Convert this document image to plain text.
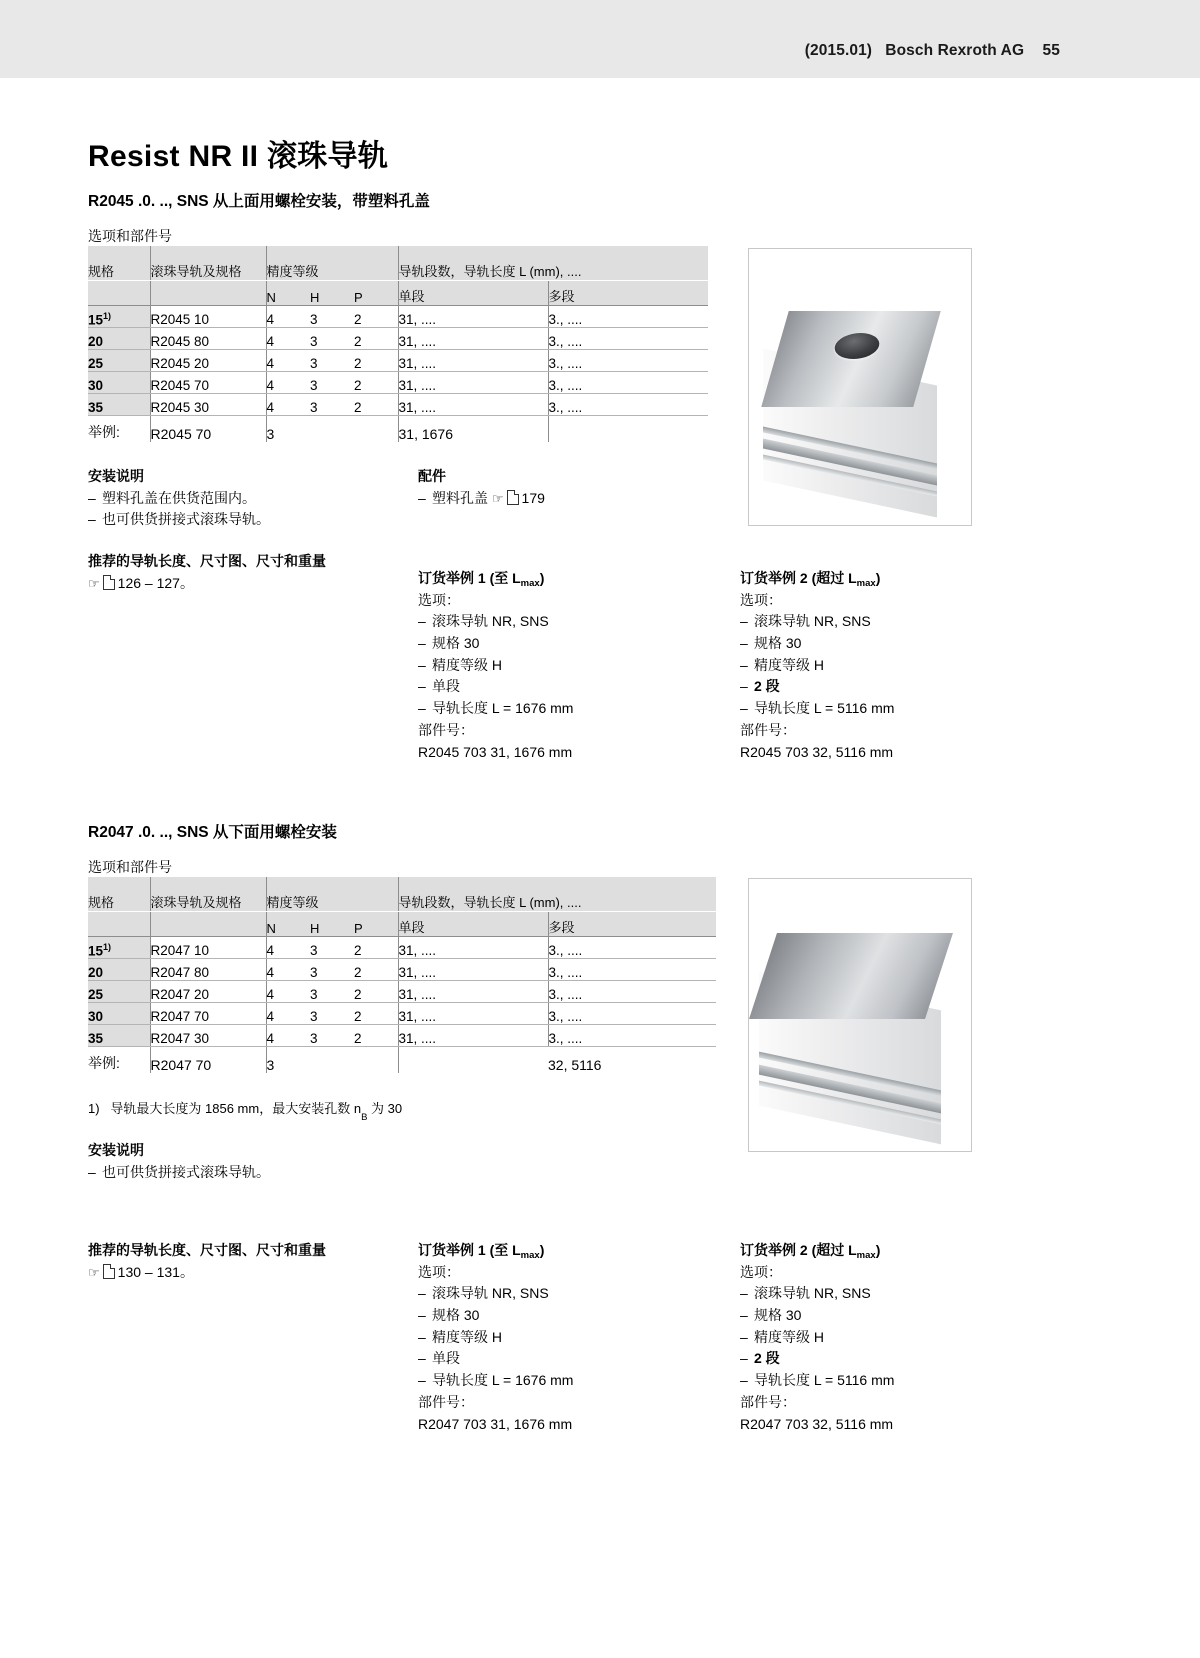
(2015.01) Bosch Rexroth AG 55
Resist NR II 滚珠导轨
R2045 .0. .., SNS 从上面用螺栓安装，带塑料孔盖
选项和部件号
规格	滚珠导轨及规格	精度等级			导轨段数，导轨长度 L (mm), ....	
		N	H	P	单段	多段
15$^{1)}$	R2045 10	4	3	2	31, ....	3., ....
20	R2045 80	4	3	2	31, ....	3., ....
25	R2045 20	4	3	2	31, ....	3., ....
30	R2045 70	4	3	2	31, ....	3., ....
35	R2045 30	4	3	2	31, ....	3., ....
举例:	R2045 70	3			31, 1676	
安装说明
– 塑料孔盖在供货范围内。
– 也可供货拼接式滚珠导轨。
配件
– 塑料孔盖 ☞ 179
推荐的导轨长度、尺寸图、尺寸和重量
☞ 126 – 127。	订货举例 1 (至 $L_{max}$)
选项：
– 滚珠导轨 NR, SNS
– 规格 30
– 精度等级 H
– 单段
– 导轨长度 L = 1676 mm
部件号：
R2045 703 31, 1676 mm
订货举例 2 (超过 $L_{max}$)
选项：
– 滚珠导轨 NR, SNS
– 规格 30
– 精度等级 H
– 2 段
– 导轨长度 L = 5116 mm
部件号：
R2045 703 32, 5116 mm
R2047 .0. .., SNS 从下面用螺栓安装
选项和部件号
规格	滚珠导轨及规格	精度等级			导轨段数，导轨长度 L (mm), ....	
		N	H	P	单段	多段
15$^{1)}$	R2047 10	4	3	2	31, ....	3., ....
20	R2047 80	4	3	2	31, ....	3., ....
25	R2047 20	4	3	2	31, ....	3., ....
30	R2047 70	4	3	2	31, ....	3., ....
35	R2047 30	4	3	2	31, ....	3., ....
举例:	R2047 70	3				32, 5116
1) 导轨最大长度为 1856 mm，最大安装孔数 $n_B$ 为 30
安装说明
– 也可供货拼接式滚珠导轨。
推荐的导轨长度、尺寸图、尺寸和重量
☞ 130 – 131。
订货举例 1 (至 $L_{max}$)
选项：
– 滚珠导轨 NR, SNS
– 规格 30
– 精度等级 H
– 单段
– 导轨长度 L = 1676 mm
部件号：
R2047 703 31, 1676 mm
订货举例 2 (超过 $L_{max}$)
选项：
– 滚珠导轨 NR, SNS
– 规格 30
– 精度等级 H
– 2 段
– 导轨长度 L = 5116 mm
部件号：
R2047 703 32, 5116 mm
